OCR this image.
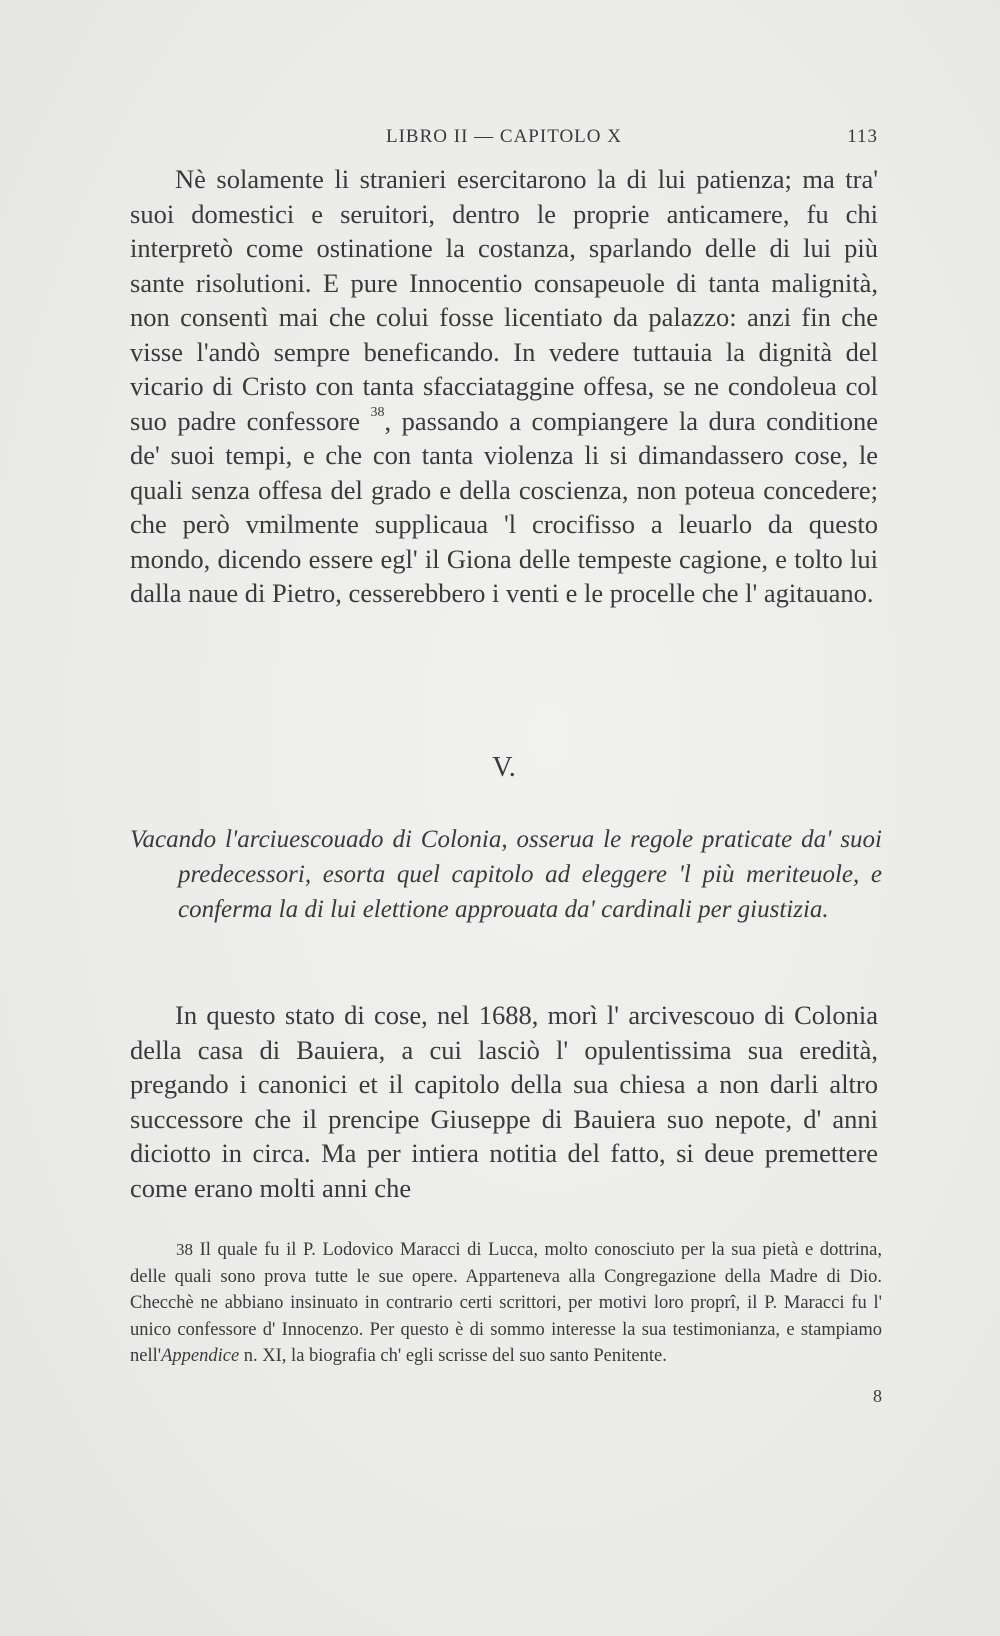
LIBRO II — CAPITOLO X	113

Nè solamente li stranieri esercitarono la di lui patienza; ma tra' suoi domestici e seruitori, dentro le proprie anticamere, fu chi interpretò come ostinatione la costanza, sparlando delle di lui più sante risolutioni. E pure Innocentio consapeuole di tanta malignità, non consentì mai che colui fosse licentiato da palazzo: anzi fin che visse l'andò sempre beneficando. In vedere tuttauia la dignità del vicario di Cristo con tanta sfacciataggine offesa, se ne condoleua col suo padre confessore $^{38}$, passando a compiangere la dura conditione de' suoi tempi, e che con tanta violenza li si dimandassero cose, le quali senza offesa del grado e della coscienza, non poteua concedere; che però vmilmente supplicaua 'l crocifisso a leuarlo da questo mondo, dicendo essere egl' il Giona delle tempeste cagione, e tolto lui dalla naue di Pietro, cesserebbero i venti e le procelle che l' agitauano.

V.

Vacando l'arciuescouado di Colonia, osserua le regole praticate da' suoi predecessori, esorta quel capitolo ad eleggere 'l più meriteuole, e conferma la di lui elettione approuata da' cardinali per giustizia.

In questo stato di cose, nel 1688, morì l' arcivescouo di Colonia della casa di Bauiera, a cui lasciò l' opulentissima sua eredità, pregando i canonici et il capitolo della sua chiesa a non darli altro successore che il prencipe Giuseppe di Bauiera suo nepote, d' anni diciotto in circa. Ma per intiera notitia del fatto, si deue premettere come erano molti anni che

38 Il quale fu il P. Lodovico Maracci di Lucca, molto conosciuto per la sua pietà e dottrina, delle quali sono prova tutte le sue opere. Apparteneva alla Congregazione della Madre di Dio. Checchè ne abbiano insinuato in contrario certi scrittori, per motivi loro proprî, il P. Maracci fu l' unico confessore d' Innocenzo. Per questo è di sommo interesse la sua testimonianza, e stampiamo nell'Appendice n. XI, la biografia ch' egli scrisse del suo santo Penitente.

8
